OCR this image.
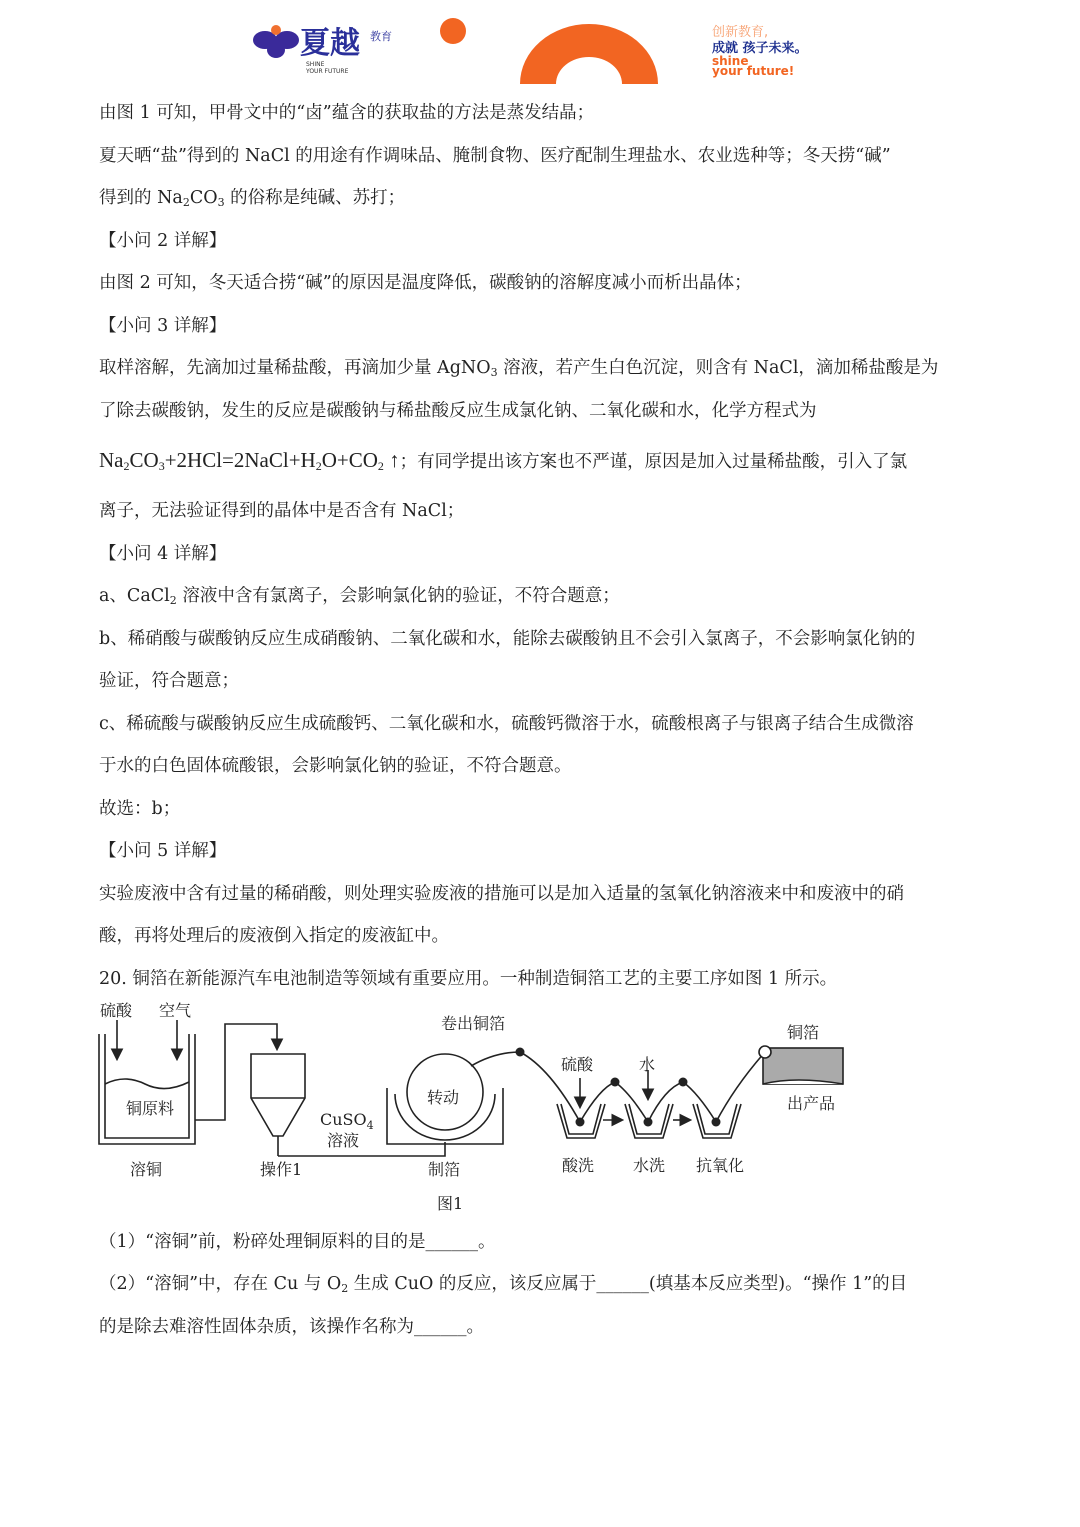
夏越 教育
SHINE
YOUR FUTURE
创新教育,
成就 孩子未来。
shine
your future!
由图 1 可知，甲骨文中的“卤”蕴含的获取盐的方法是蒸发结晶；
夏天晒“盐”得到的 NaCl 的用途有作调味品、腌制食物、医疗配制生理盐水、农业选种等；冬天捞“碱”
得到的 $Na_2CO_3$ 的俗称是纯碱、苏打；
【小问 2 详解】
由图 2 可知，冬天适合捞“碱”的原因是温度降低，碳酸钠的溶解度减小而析出晶体；
【小问 3 详解】
取样溶解，先滴加过量稀盐酸，再滴加少量 AgNO$_3$ 溶液，若产生白色沉淀，则含有 NaCl，滴加稀盐酸是为
了除去碳酸钠，发生的反应是碳酸钠与稀盐酸反应生成氯化钠、二氧化碳和水，化学方程式为
$Na_2CO_3+2HCl=2NaCl+H_2O+CO_2$ ↑；有同学提出该方案也不严谨，原因是加入过量稀盐酸，引入了氯
离子，无法验证得到的晶体中是否含有 NaCl；
【小问 4 详解】
a、CaCl$_2$ 溶液中含有氯离子，会影响氯化钠的验证，不符合题意；
b、稀硝酸与碳酸钠反应生成硝酸钠、二氧化碳和水，能除去碳酸钠且不会引入氯离子，不会影响氯化钠的
验证，符合题意；
c、稀硫酸与碳酸钠反应生成硫酸钙、二氧化碳和水，硫酸钙微溶于水，硫酸根离子与银离子结合生成微溶
于水的白色固体硫酸银，会影响氯化钠的验证，不符合题意。
故选：b；
【小问 5 详解】
实验废液中含有过量的稀硝酸，则处理实验废液的措施可以是加入适量的氢氧化钠溶液来中和废液中的硝
酸，再将处理后的废液倒入指定的废液缸中。
20. 铜箔在新能源汽车电池制造等领域有重要应用。一种制造铜箔工艺的主要工序如图 1 所示。
硫酸 空气
铜原料
CuSO$_4$
溶液
卷出铜箔
转动
硫酸	水
铜箔
出产品
溶铜	操作1	制箔	酸洗 水洗 抗氧化
图1
（1）“溶铜”前，粉碎处理铜原料的目的是______。
（2）“溶铜”中，存在 Cu 与 $O_2$ 生成 CuO 的反应，该反应属于______(填基本反应类型)。“操作 1”的目
的是除去难溶性固体杂质，该操作名称为______。
